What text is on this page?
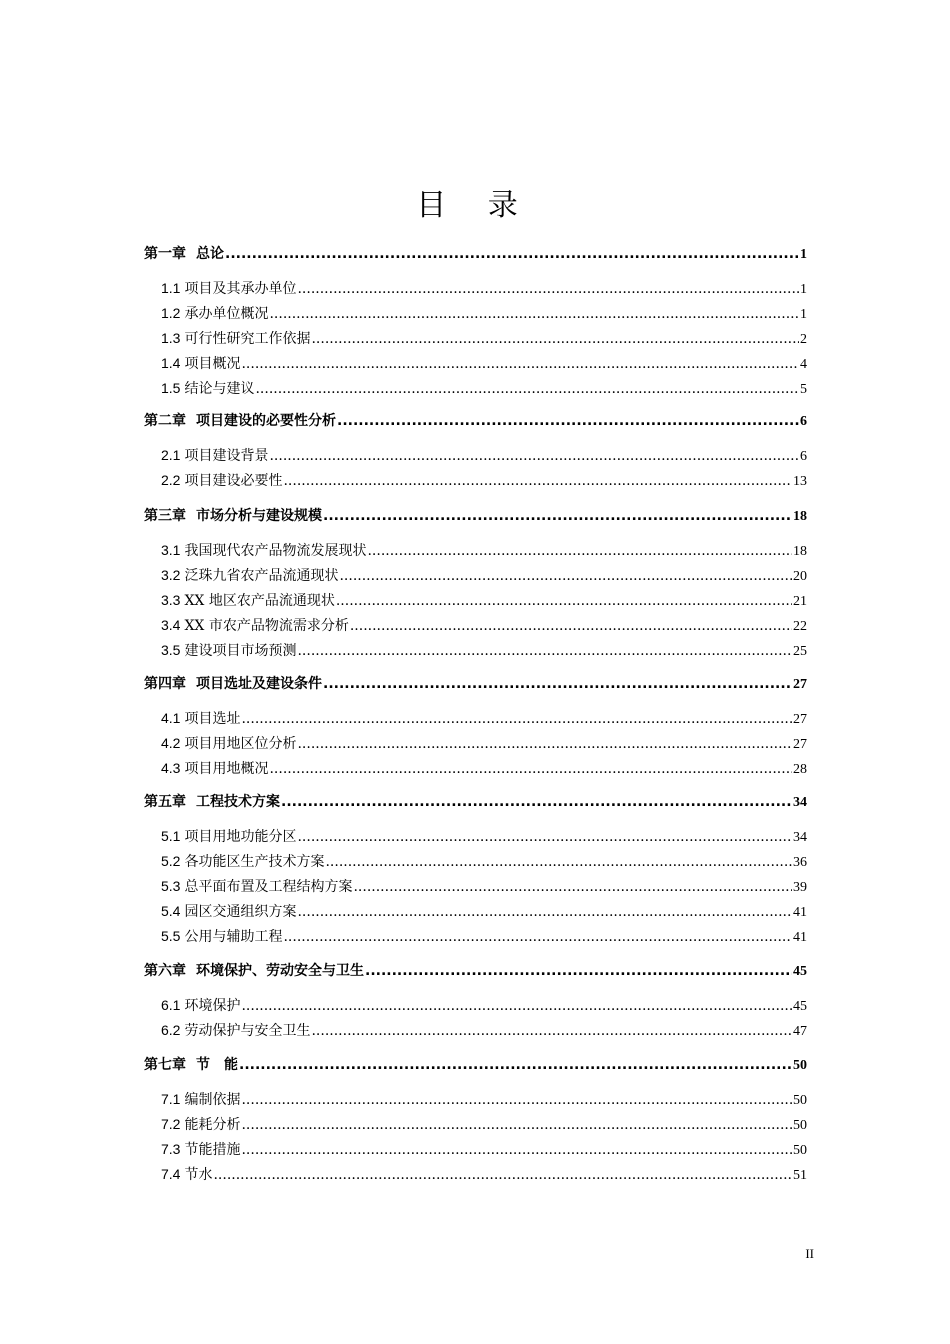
目 录
第一章 总论 .....	1
1.1 项目及其承办单位 .....	1
1.2 承办单位概况 .....	1
1.3 可行性研究工作依据 .....	2
1.4 项目概况 .....	4
1.5 结论与建议 .....	5
第二章 项目建设的必要性分析 .....	6
2.1 项目建设背景 .....	6
2.2 项目建设必要性 .....	13
第三章 市场分析与建设规模 .....	18
3.1 我国现代农产品物流发展现状 .....	18
3.2 泛珠九省农产品流通现状 .....	20
3.3 XX 地区农产品流通现状 .....	21
3.4 XX 市农产品物流需求分析 .....	22
3.5 建设项目市场预测 .....	25
第四章 项目选址及建设条件 .....	27
4.1 项目选址 .....	27
4.2 项目用地区位分析 .....	27
4.3 项目用地概况 .....	28
第五章 工程技术方案 .....	34
5.1 项目用地功能分区 .....	34
5.2 各功能区生产技术方案 .....	36
5.3 总平面布置及工程结构方案 .....	39
5.4 园区交通组织方案 .....	41
5.5 公用与辅助工程 .....	41
第六章 环境保护、劳动安全与卫生 .....	45
6.1 环境保护 .....	45
6.2 劳动保护与安全卫生 .....	47
第七章 节　能 .....	50
7.1 编制依据 .....	50
7.2 能耗分析 .....	50
7.3 节能措施 .....	50
7.4 节水 .....	51
II
